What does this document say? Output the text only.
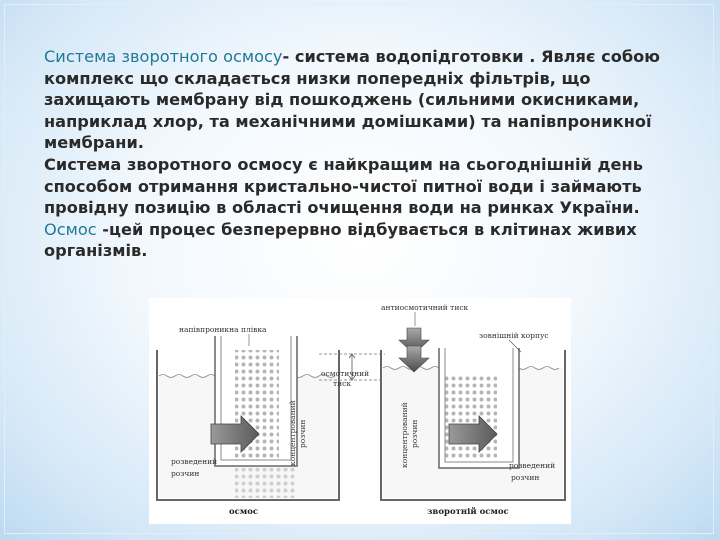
Система зворотного осмосу- система водопідготовки . Являє собою комплекс що складається низки попередніх фільтрів, що захищають мембрану від пошкоджень (сильними окисниками, наприклад хлор, та механічними домішками) та напівпроникної мембрани.

Система зворотного осмосу є найкращим на сьогоднішній день способом отримання кристально-чистої питної води і займають провідну позицію в області очищення води на ринках України.

Осмос -цей процес безперервно відбувається в клітинах живих організмів.

напівпроникна плівка
концентрований розчин
розведений
розчин
осмос
осмотичний
тиск
антиосмотичний тиск
зовнішній корпус
концентрований розчин
розведений
розчин
зворотній осмос
